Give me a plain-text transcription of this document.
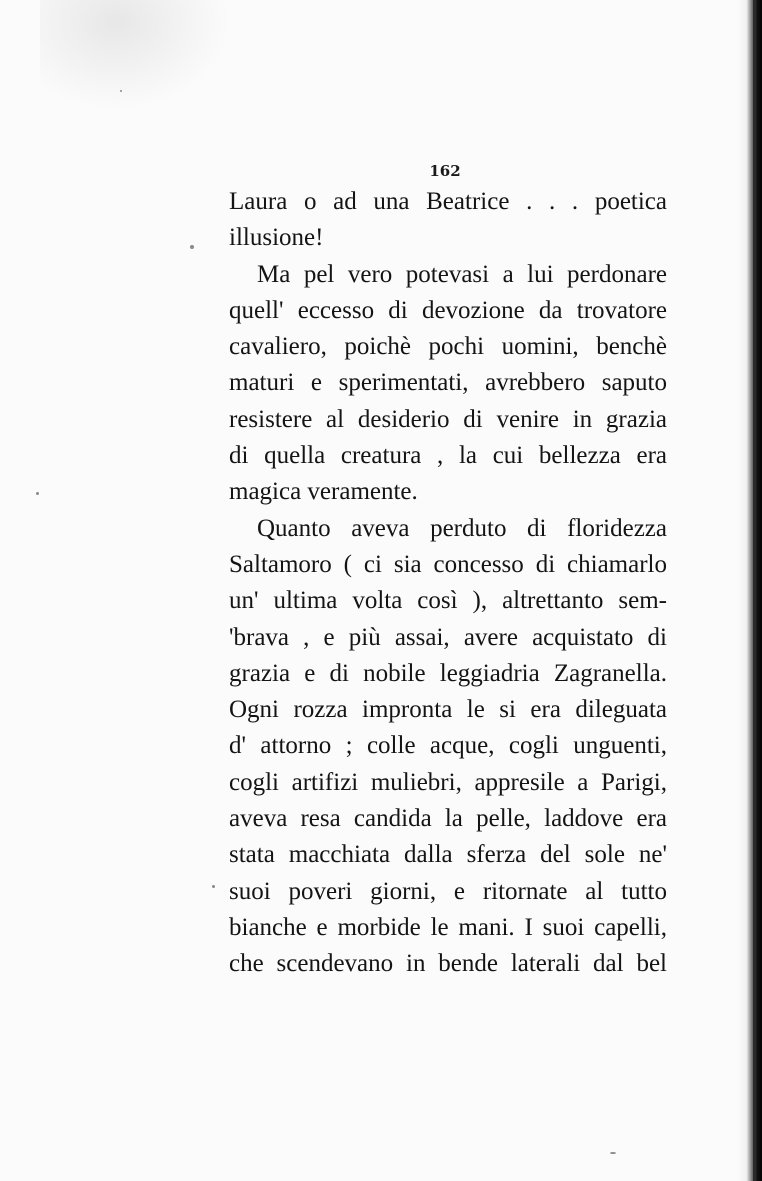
162
Laura o ad una Beatrice . . . poetica
illusione!
Ma pel vero potevasi a lui perdonare
quell' eccesso di devozione da trovatore
cavaliero, poichè pochi uomini, benchè
maturi e sperimentati, avrebbero saputo
resistere al desiderio di venire in grazia
di quella creatura , la cui bellezza era
magica veramente.
Quanto aveva perduto di floridezza
Saltamoro ( ci sia concesso di chiamarlo
un' ultima volta così ), altrettanto sem-
'brava , e più assai, avere acquistato di
grazia e di nobile leggiadria Zagranella.
Ogni rozza impronta le si era dileguata
d' attorno ; colle acque, cogli unguenti,
cogli artifizi muliebri, appresile a Parigi,
aveva resa candida la pelle, laddove era
stata macchiata dalla sferza del sole ne'
suoi poveri giorni, e ritornate al tutto
bianche e morbide le mani. I suoi capelli,
che scendevano in bende laterali dal bel
